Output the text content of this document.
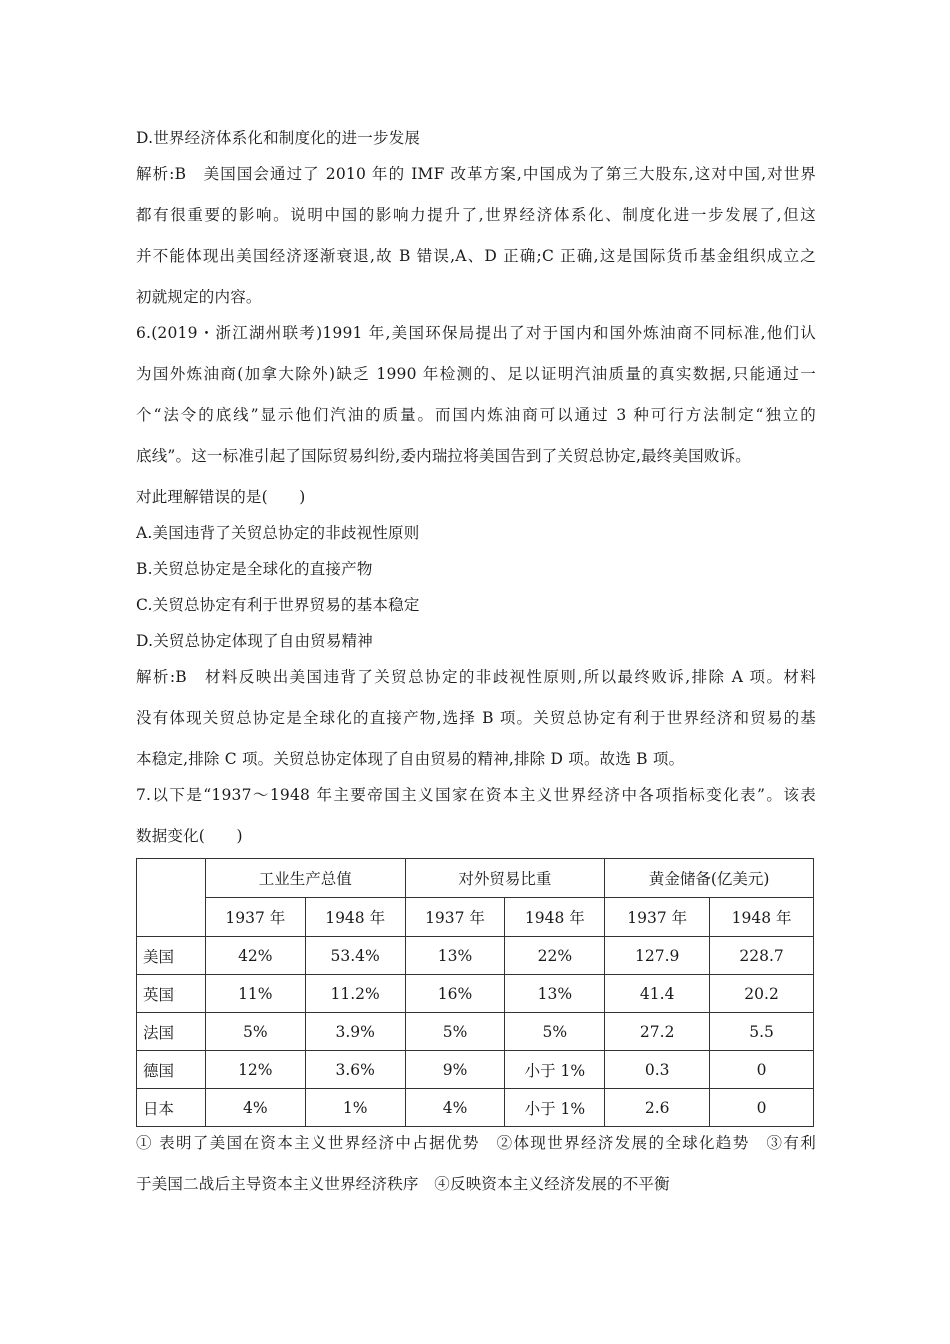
D.世界经济体系化和制度化的进一步发展
解析:B　美国国会通过了 2010 年的 IMF 改革方案,中国成为了第三大股东,这对中国,对世界
都有很重要的影响。说明中国的影响力提升了,世界经济体系化、制度化进一步发展了,但这
并不能体现出美国经济逐渐衰退,故 B 错误,A、D 正确;C 正确,这是国际货币基金组织成立之
初就规定的内容。
6.(2019・浙江湖州联考)1991 年,美国环保局提出了对于国内和国外炼油商不同标准,他们认
为国外炼油商(加拿大除外)缺乏 1990 年检测的、足以证明汽油质量的真实数据,只能通过一
个“法令的底线”显示他们汽油的质量。而国内炼油商可以通过 3 种可行方法制定“独立的
底线”。这一标准引起了国际贸易纠纷,委内瑞拉将美国告到了关贸总协定,最终美国败诉。
对此理解错误的是(　　)
A.美国违背了关贸总协定的非歧视性原则
B.关贸总协定是全球化的直接产物
C.关贸总协定有利于世界贸易的基本稳定
D.关贸总协定体现了自由贸易精神
解析:B　材料反映出美国违背了关贸总协定的非歧视性原则,所以最终败诉,排除 A 项。材料
没有体现关贸总协定是全球化的直接产物,选择 B 项。关贸总协定有利于世界经济和贸易的基
本稳定,排除 C 项。关贸总协定体现了自由贸易的精神,排除 D 项。故选 B 项。
7.以下是“1937～1948 年主要帝国主义国家在资本主义世界经济中各项指标变化表”。该表
数据变化(　　)
	工业生产总值		对外贸易比重		黄金储备(亿美元)	
	1937 年	1948 年	1937 年	1948 年	1937 年	1948 年
美国	42%	53.4%	13%	22%	127.9	228.7
英国	11%	11.2%	16%	13%	41.4	20.2
法国	5%	3.9%	5%	5%	27.2	5.5
德国	12%	3.6%	9%	小于 1%	0.3	0
日本	4%	1%	4%	小于 1%	2.6	0
① 表明了美国在资本主义世界经济中占据优势　②体现世界经济发展的全球化趋势　③有利
于美国二战后主导资本主义世界经济秩序　④反映资本主义经济发展的不平衡
